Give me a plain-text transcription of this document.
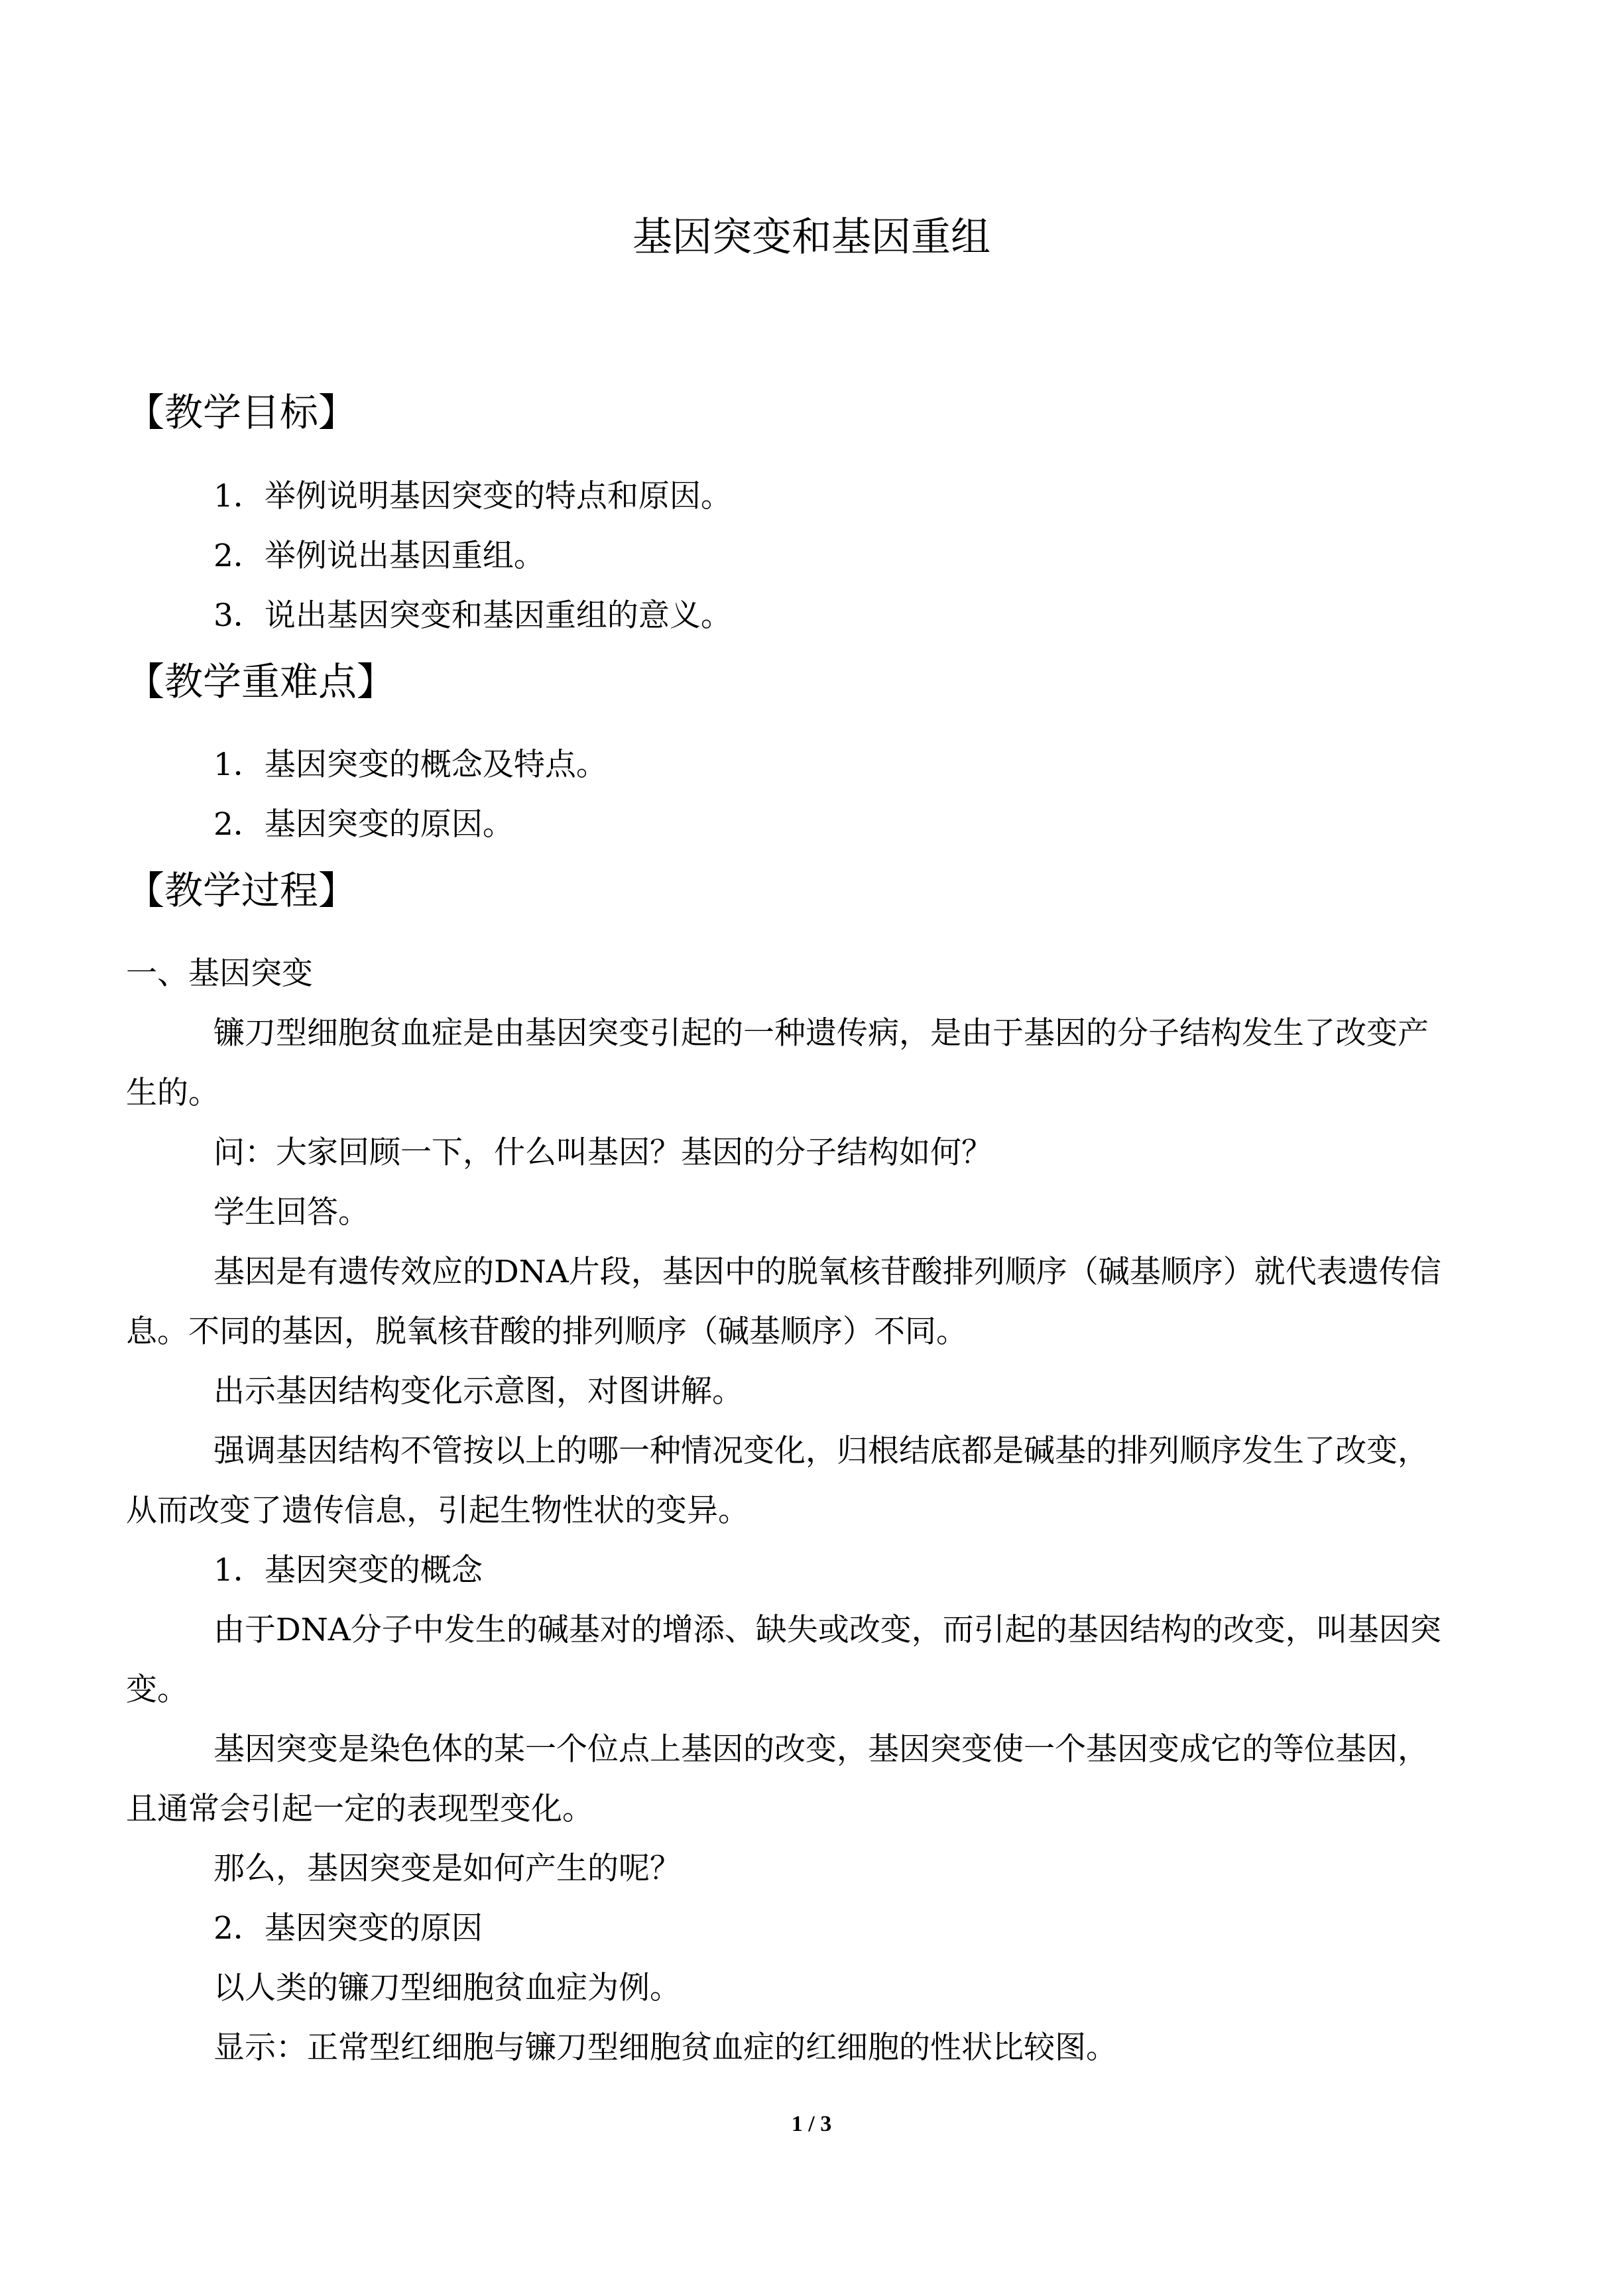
基因突变和基因重组
【教学目标】
1．举例说明基因突变的特点和原因。
2．举例说出基因重组。
3．说出基因突变和基因重组的意义。
【教学重难点】
1．基因突变的概念及特点。
2．基因突变的原因。
【教学过程】
一、基因突变
镰刀型细胞贫血症是由基因突变引起的一种遗传病，是由于基因的分子结构发生了改变产
生的。
问：大家回顾一下，什么叫基因？基因的分子结构如何？
学生回答。
基因是有遗传效应的DNA片段，基因中的脱氧核苷酸排列顺序（碱基顺序）就代表遗传信
息。不同的基因，脱氧核苷酸的排列顺序（碱基顺序）不同。
出示基因结构变化示意图，对图讲解。
强调基因结构不管按以上的哪一种情况变化，归根结底都是碱基的排列顺序发生了改变，
从而改变了遗传信息，引起生物性状的变异。
1．基因突变的概念
由于DNA分子中发生的碱基对的增添、缺失或改变，而引起的基因结构的改变，叫基因突
变。
基因突变是染色体的某一个位点上基因的改变，基因突变使一个基因变成它的等位基因，
且通常会引起一定的表现型变化。
那么，基因突变是如何产生的呢？
2．基因突变的原因
以人类的镰刀型细胞贫血症为例。
显示：正常型红细胞与镰刀型细胞贫血症的红细胞的性状比较图。
1 / 3
